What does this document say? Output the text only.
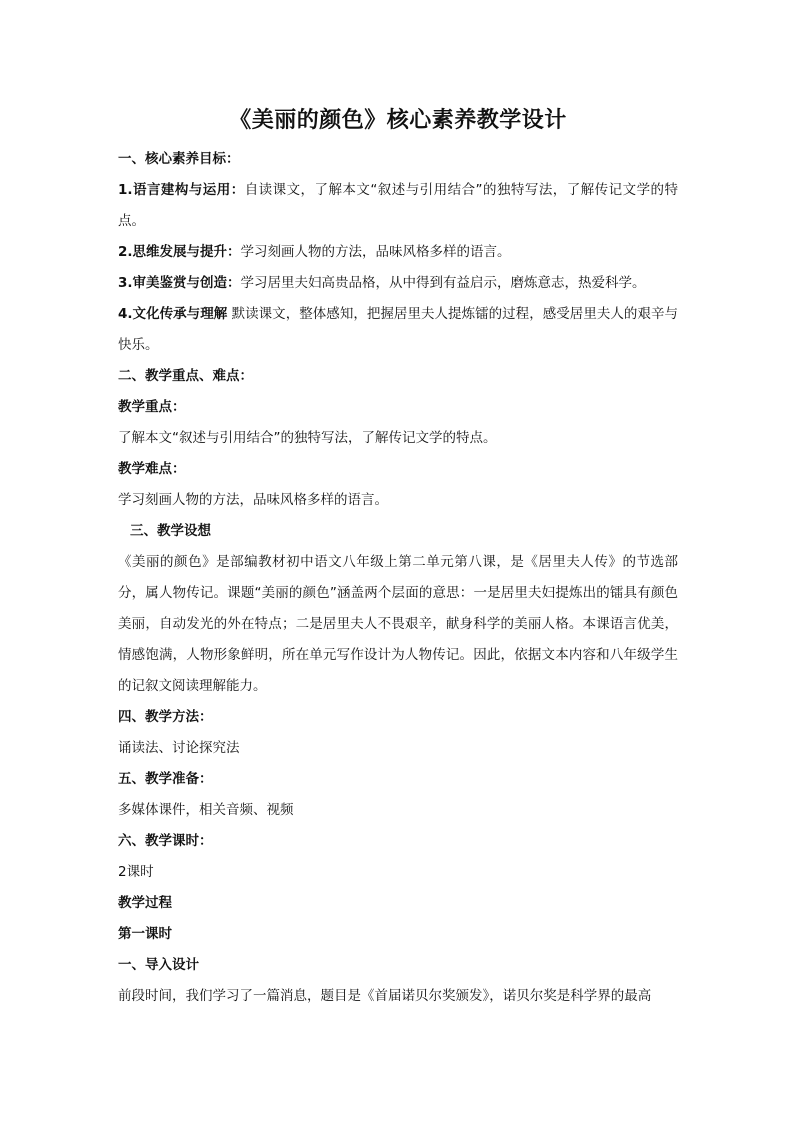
《美丽的颜色》核心素养教学设计

一、核心素养目标：

1.语言建构与运用：自读课文，了解本文“叙述与引用结合”的独特写法，了解传记文学的特点。

2.思维发展与提升：学习刻画人物的方法，品味风格多样的语言。

3.审美鉴赏与创造：学习居里夫妇高贵品格，从中得到有益启示，磨炼意志，热爱科学。

4.文化传承与理解 默读课文，整体感知，把握居里夫人提炼镭的过程，感受居里夫人的艰辛与快乐。

二、教学重点、难点：

教学重点：

了解本文“叙述与引用结合”的独特写法，了解传记文学的特点。

教学难点：

学习刻画人物的方法，品味风格多样的语言。

三、教学设想

《美丽的颜色》是部编教材初中语文八年级上第二单元第八课，是《居里夫人传》的节选部分，属人物传记。课题“美丽的颜色”涵盖两个层面的意思：一是居里夫妇提炼出的镭具有颜色美丽，自动发光的外在特点；二是居里夫人不畏艰辛，献身科学的美丽人格。本课语言优美，情感饱满，人物形象鲜明，所在单元写作设计为人物传记。因此，依据文本内容和八年级学生的记叙文阅读理解能力。

四、教学方法：

诵读法、讨论探究法

五、教学准备：

多媒体课件，相关音频、视频

六、教学课时：

2课时

教学过程

第一课时

一、导入设计

前段时间，我们学习了一篇消息，题目是《首届诺贝尔奖颁发》，诺贝尔奖是科学界的最高
